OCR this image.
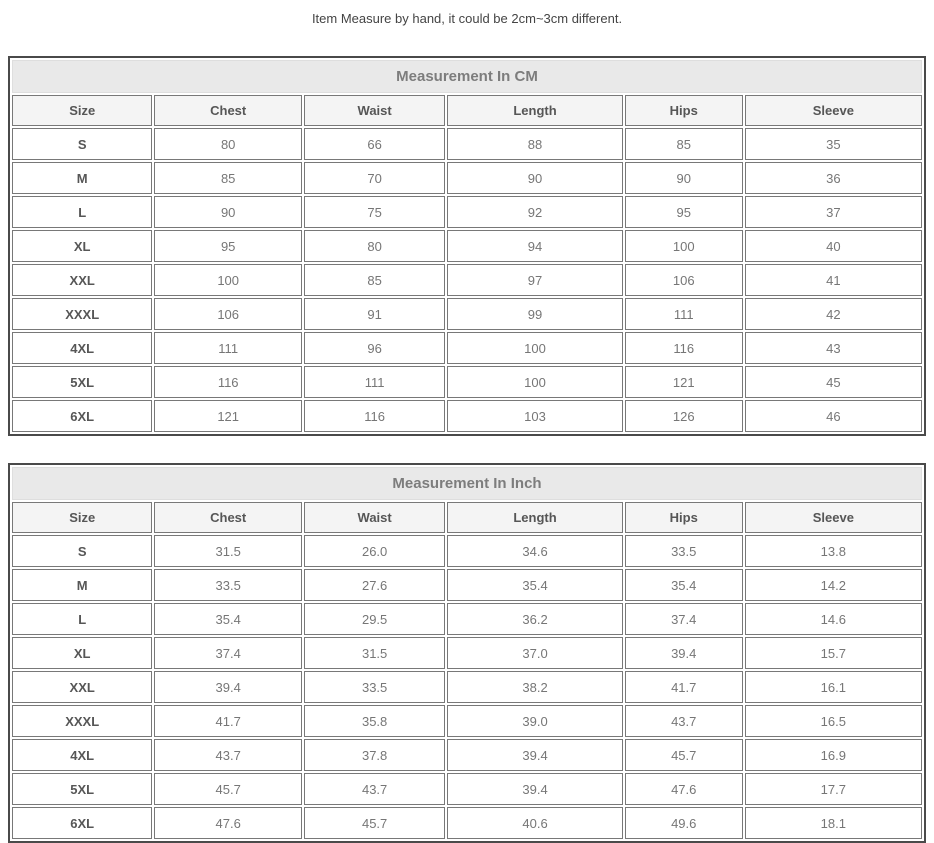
Item Measure by hand, it could be 2cm~3cm different.

Measurement In CM					
Size	Chest	Waist	Length	Hips	Sleeve
S	80	66	88	85	35
M	85	70	90	90	36
L	90	75	92	95	37
XL	95	80	94	100	40
XXL	100	85	97	106	41
XXXL	106	91	99	111	42
4XL	111	96	100	116	43
5XL	116	111	100	121	45
6XL	121	116	103	126	46
Measurement In Inch					
Size	Chest	Waist	Length	Hips	Sleeve
S	31.5	26.0	34.6	33.5	13.8
M	33.5	27.6	35.4	35.4	14.2
L	35.4	29.5	36.2	37.4	14.6
XL	37.4	31.5	37.0	39.4	15.7
XXL	39.4	33.5	38.2	41.7	16.1
XXXL	41.7	35.8	39.0	43.7	16.5
4XL	43.7	37.8	39.4	45.7	16.9
5XL	45.7	43.7	39.4	47.6	17.7
6XL	47.6	45.7	40.6	49.6	18.1
